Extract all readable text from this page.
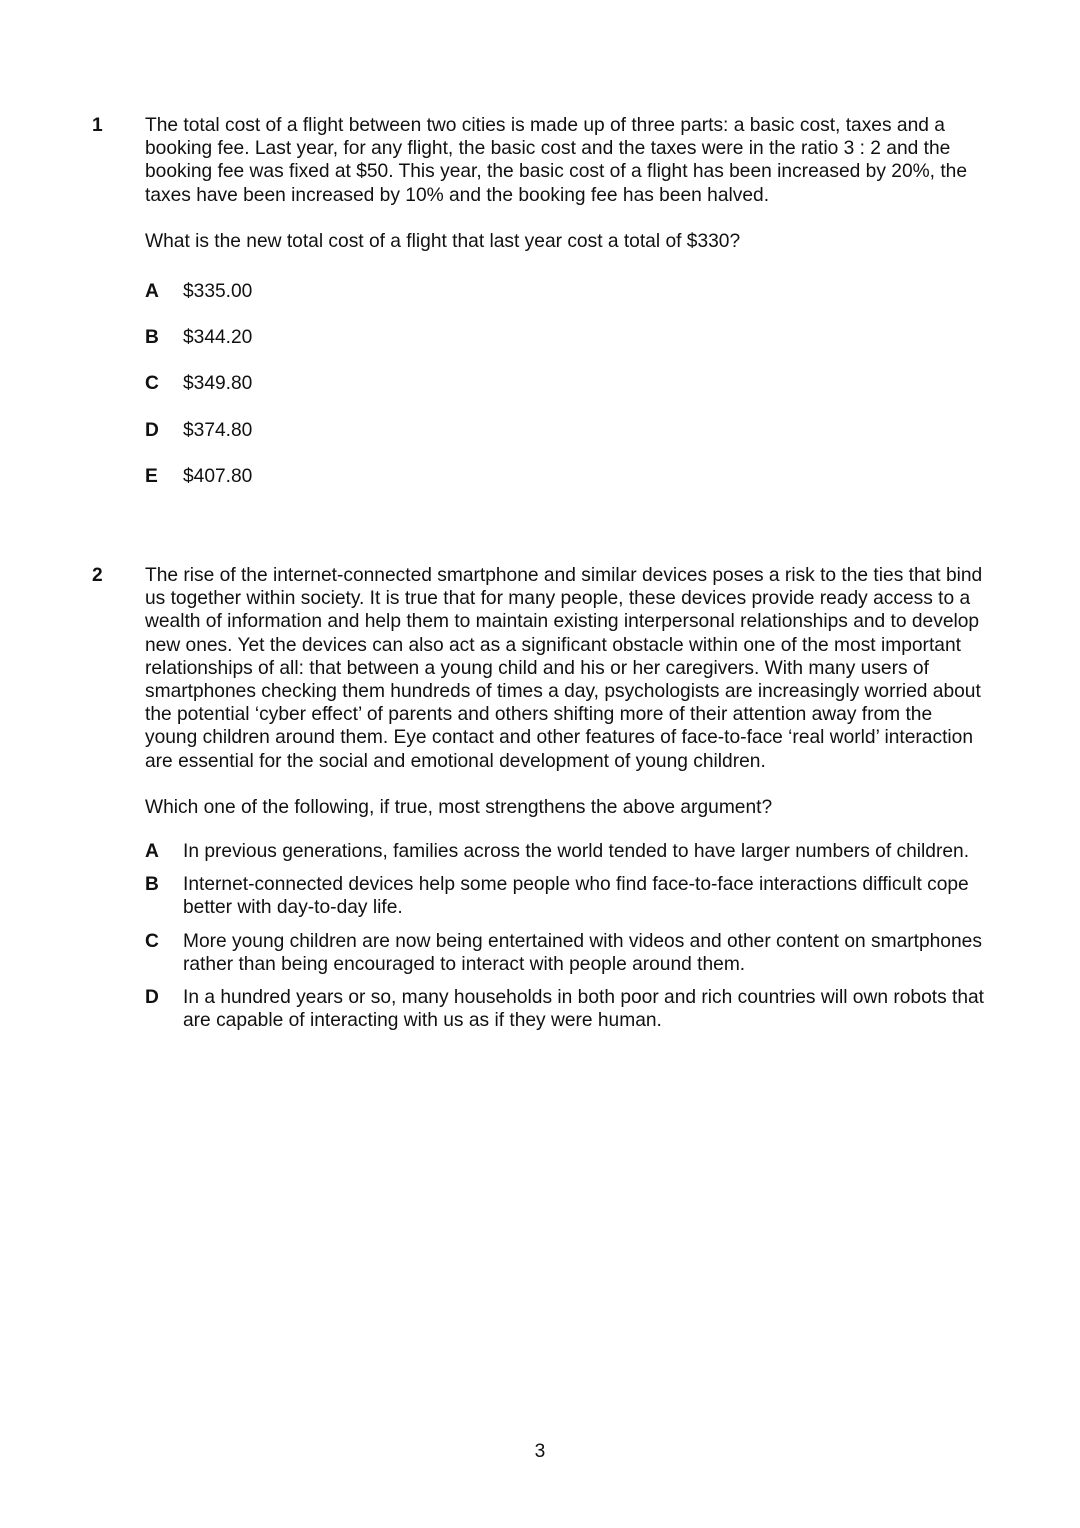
1 The total cost of a flight between two cities is made up of three parts: a basic cost, taxes and a booking fee. Last year, for any flight, the basic cost and the taxes were in the ratio 3 : 2 and the booking fee was fixed at $50. This year, the basic cost of a flight has been increased by 20%, the taxes have been increased by 10% and the booking fee has been halved.

What is the new total cost of a flight that last year cost a total of $330?

A $335.00
B $344.20
C $349.80
D $374.80
E $407.80
2 The rise of the internet-connected smartphone and similar devices poses a risk to the ties that bind us together within society. It is true that for many people, these devices provide ready access to a wealth of information and help them to maintain existing interpersonal relationships and to develop new ones. Yet the devices can also act as a significant obstacle within one of the most important relationships of all: that between a young child and his or her caregivers. With many users of smartphones checking them hundreds of times a day, psychologists are increasingly worried about the potential ‘cyber effect’ of parents and others shifting more of their attention away from the young children around them. Eye contact and other features of face-to-face ‘real world’ interaction are essential for the social and emotional development of young children.

Which one of the following, if true, most strengthens the above argument?

A In previous generations, families across the world tended to have larger numbers of children.
B Internet-connected devices help some people who find face-to-face interactions difficult cope better with day-to-day life.
C More young children are now being entertained with videos and other content on smartphones rather than being encouraged to interact with people around them.
D In a hundred years or so, many households in both poor and rich countries will own robots that are capable of interacting with us as if they were human.
3
